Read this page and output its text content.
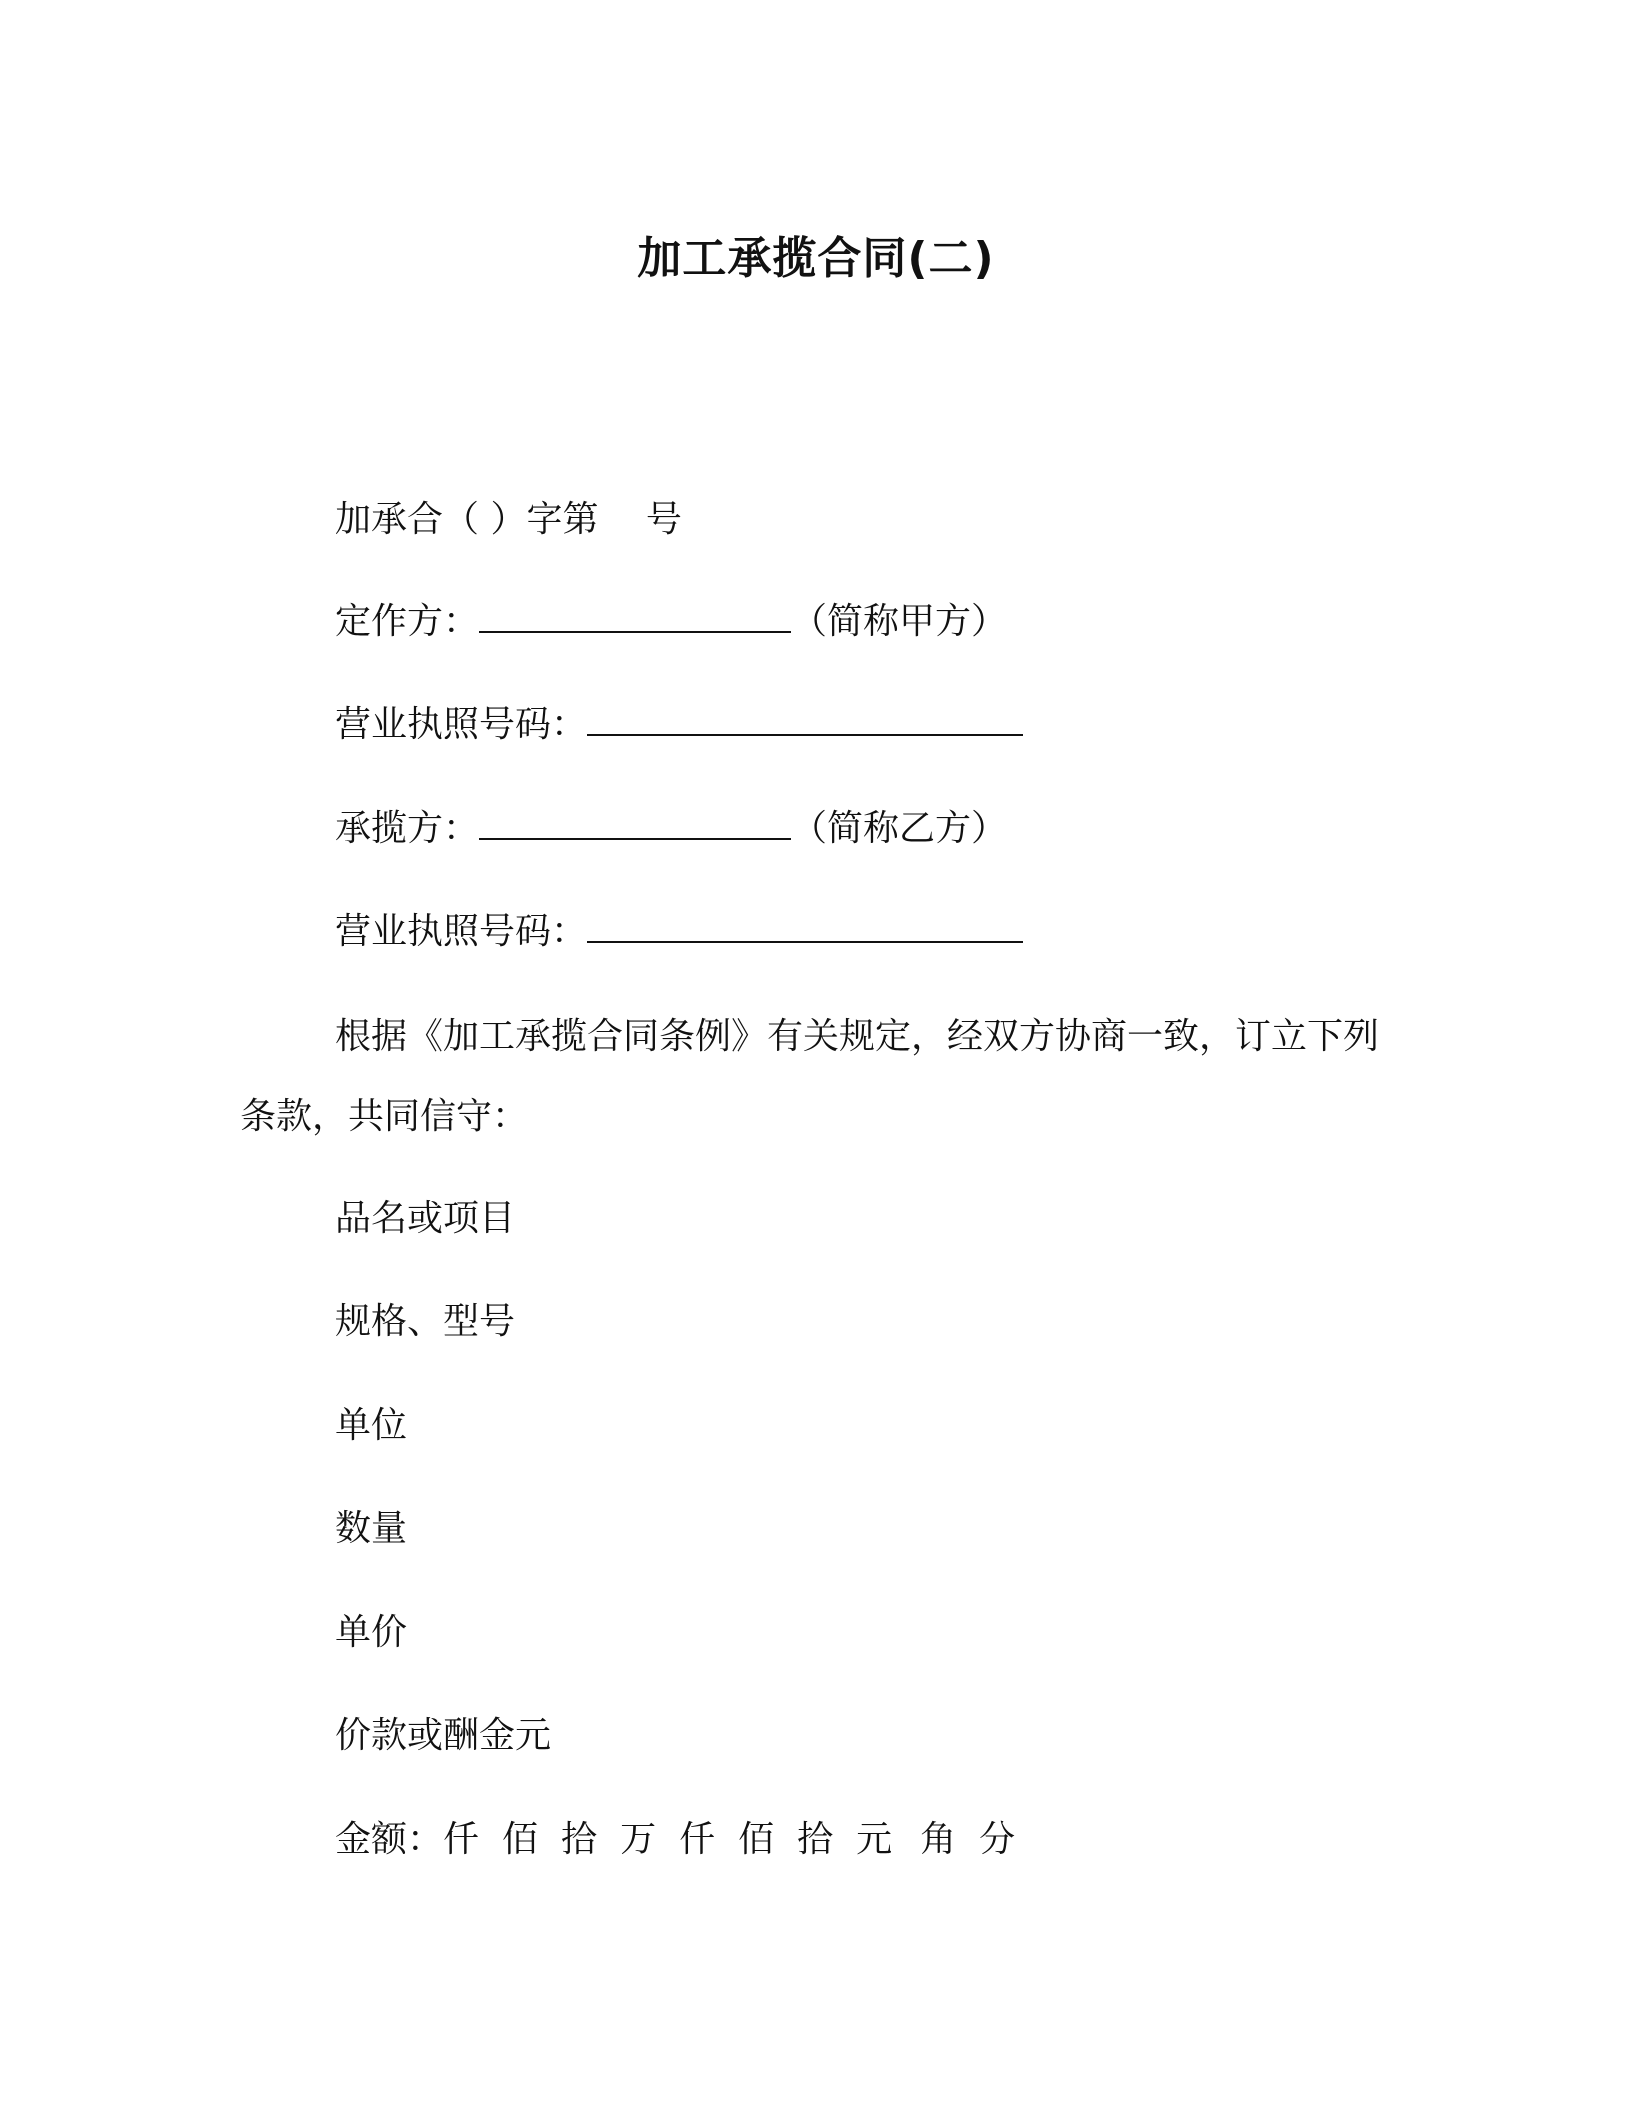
加工承揽合同(二)
加承合（ ）字第　 号
定作方：	（简称甲方）
营业执照号码：
承揽方：	（简称乙方）
营业执照号码：
根据《加工承揽合同条例》有关规定，经双方协商一致，订立下列条款，共同信守：
品名或项目
规格、型号
单位
数量
单价
价款或酬金元
金额：仟 佰 拾 万 仟 佰 拾 元 角 分
